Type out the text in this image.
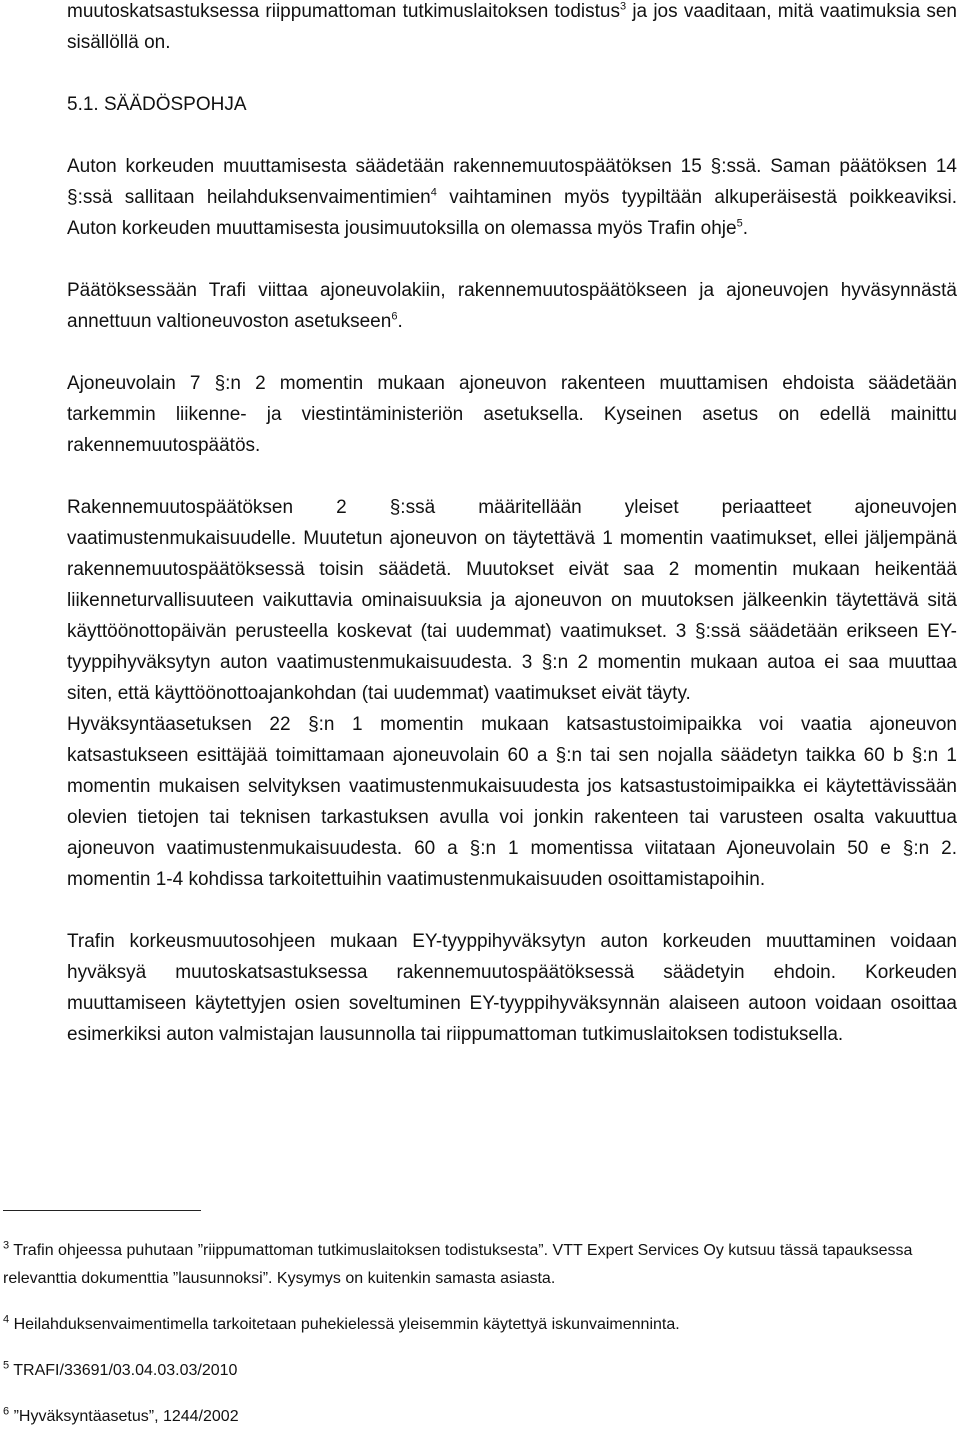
muutoskatsastuksessa riippumattoman tutkimuslaitoksen todistus$^3$ ja jos vaaditaan, mitä vaatimuksia sen sisällöllä on.

5.1. SÄÄDÖSPOHJA

Auton korkeuden muuttamisesta säädetään rakennemuutospäätöksen 15 §:ssä. Saman päätöksen 14 §:ssä sallitaan heilahduksenvaimentimien$^4$ vaihtaminen myös tyypiltään alkuperäisestä poikkeaviksi. Auton korkeuden muuttamisesta jousimuutoksilla on olemassa myös Trafin ohje$^5$.

Päätöksessään Trafi viittaa ajoneuvolakiin, rakennemuutospäätökseen ja ajoneuvojen hyväsynnästä annettuun valtioneuvoston asetukseen$^6$.

Ajoneuvolain 7 §:n 2 momentin mukaan ajoneuvon rakenteen muuttamisen ehdoista säädetään tarkemmin liikenne- ja viestintäministeriön asetuksella. Kyseinen asetus on edellä mainittu rakennemuutospäätös.

Rakennemuutospäätöksen 2 §:ssä määritellään yleiset periaatteet ajoneuvojen vaatimustenmukaisuudelle. Muutetun ajoneuvon on täytettävä 1 momentin vaatimukset, ellei jäljempänä rakennemuutospäätöksessä toisin säädetä. Muutokset eivät saa 2 momentin mukaan heikentää liikenneturvallisuuteen vaikuttavia ominaisuuksia ja ajoneuvon on muutoksen jälkeenkin täytettävä sitä käyttöönottopäivän perusteella koskevat (tai uudemmat) vaatimukset. 3 §:ssä säädetään erikseen EY-tyyppihyväksytyn auton vaatimustenmukaisuudesta. 3 §:n 2 momentin mukaan autoa ei saa muuttaa siten, että käyttöönottoajankohdan (tai uudemmat) vaatimukset eivät täyty.

Hyväksyntäasetuksen 22 §:n 1 momentin mukaan katsastustoimipaikka voi vaatia ajoneuvon katsastukseen esittäjää toimittamaan ajoneuvolain 60 a §:n tai sen nojalla säädetyn taikka 60 b §:n 1 momentin mukaisen selvityksen vaatimustenmukaisuudesta jos katsastustoimipaikka ei käytettävissään olevien tietojen tai teknisen tarkastuksen avulla voi jonkin rakenteen tai varusteen osalta vakuuttua ajoneuvon vaatimustenmukaisuudesta. 60 a §:n 1 momentissa viitataan Ajoneuvolain 50 e §:n 2. momentin 1-4 kohdissa tarkoitettuihin vaatimustenmukaisuuden osoittamistapoihin.

Trafin korkeusmuutosohjeen mukaan EY-tyyppihyväksytyn auton korkeuden muuttaminen voidaan hyväksyä muutoskatsastuksessa rakennemuutospäätöksessä säädetyin ehdoin. Korkeuden muuttamiseen käytettyjen osien soveltuminen EY-tyyppihyväksynnän alaiseen autoon voidaan osoittaa esimerkiksi auton valmistajan lausunnolla tai riippumattoman tutkimuslaitoksen todistuksella.

$^3$ Trafin ohjeessa puhutaan ”riippumattoman tutkimuslaitoksen todistuksesta”. VTT Expert Services Oy kutsuu tässä tapauksessa relevanttia dokumenttia ”lausunnoksi”. Kysymys on kuitenkin samasta asiasta.

$^4$ Heilahduksenvaimentimella tarkoitetaan puhekielessä yleisemmin käytettyä iskunvaimenninta.

$^5$ TRAFI/33691/03.04.03.03/2010

$^6$ ”Hyväksyntäasetus”, 1244/2002
